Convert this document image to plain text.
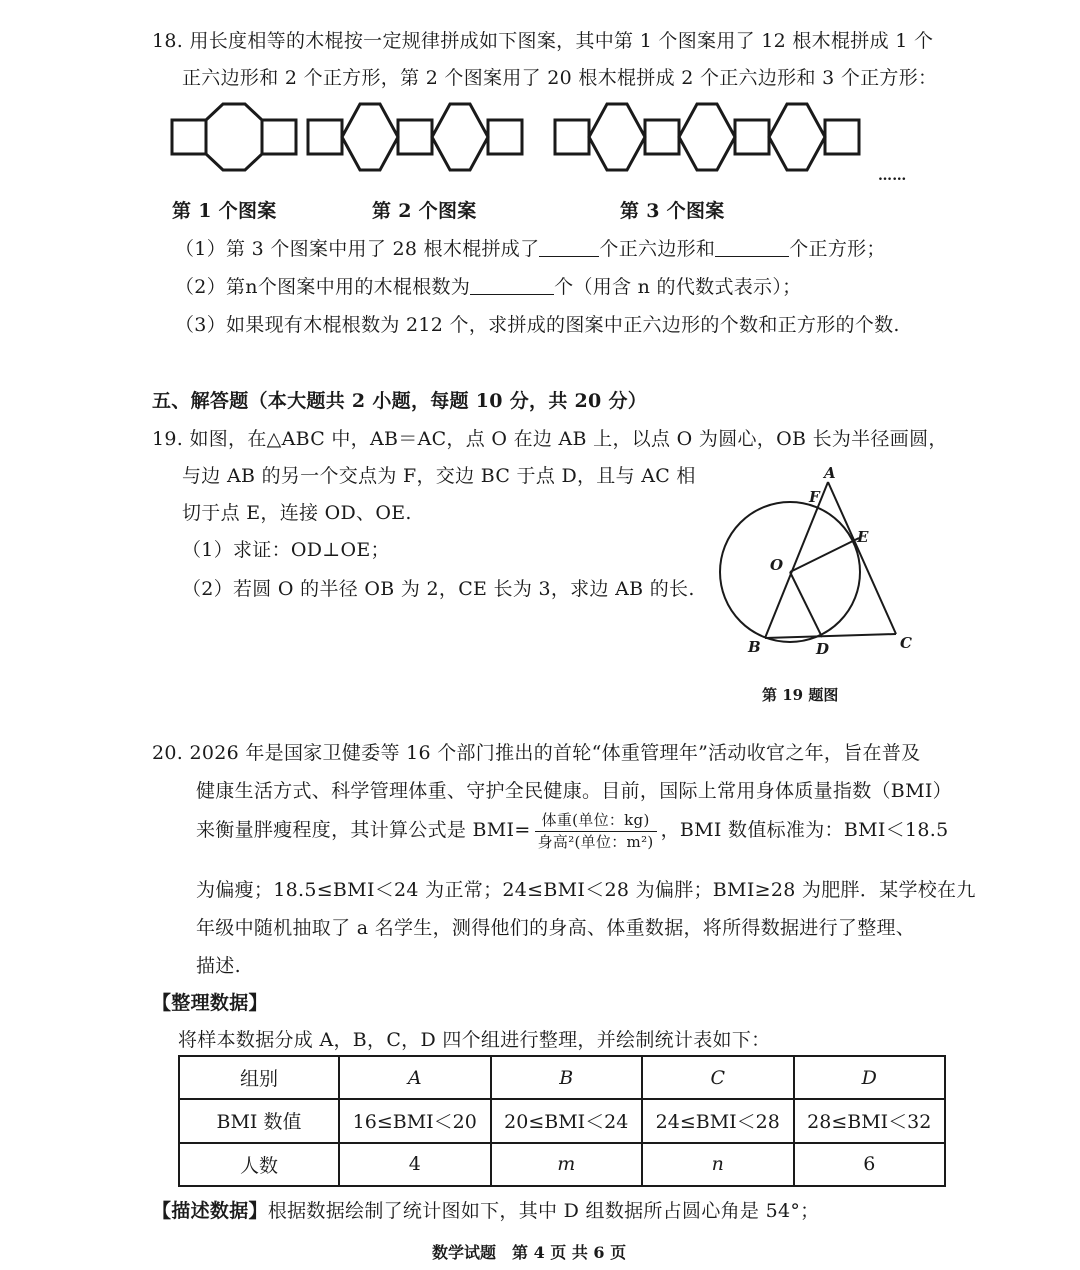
18. 用长度相等的木棍按一定规律拼成如下图案，其中第 1 个图案用了 12 根木棍拼成 1 个
正六边形和 2 个正方形，第 2 个图案用了 20 根木棍拼成 2 个正六边形和 3 个正方形：
……
第 1 个图案	第 2 个图案	第 3 个图案
（1）第 3 个图案中用了 28 根木棍拼成了	个正六边形和	个正方形；
（2）第n个图案中用的木棍根数为	个（用含 n 的代数式表示）；
（3）如果现有木棍根数为 212 个，求拼成的图案中正六边形的个数和正方形的个数.
五、解答题（本大题共 2 小题，每题 10 分，共 20 分）
19. 如图，在△ABC 中，AB＝AC，点 O 在边 AB 上，以点 O 为圆心，OB 长为半径画圆，
与边 AB 的另一个交点为 F，交边 BC 于点 D，且与 AC 相
切于点 E，连接 OD、OE.
（1）求证：OD⊥OE；
（2）若圆 O 的半径 OB 为 2，CE 长为 3，求边 AB 的长.
A
F
E
O
B	D	C
第 19 题图
20. 2026 年是国家卫健委等 16 个部门推出的首轮“体重管理年”活动收官之年，旨在普及
健康生活方式、科学管理体重、守护全民健康。目前，国际上常用身体质量指数（BMI）
来衡量胖瘦程度，其计算公式是 $BMI= \frac{\text{体重(单位：kg)}}{\text{身高²(单位：m²)}}$ ，BMI 数值标准为：BMI＜18.5
为偏瘦；18.5≤BMI＜24 为正常；24≤BMI＜28 为偏胖；BMI≥28 为肥胖．某学校在九
年级中随机抽取了 a 名学生，测得他们的身高、体重数据，将所得数据进行了整理、
描述.
【整理数据】
将样本数据分成 A，B，C，D 四个组进行整理，并绘制统计表如下：
组别	A	B	C	D
BMI 数值	16≤BMI＜20	20≤BMI＜24	24≤BMI＜28	28≤BMI＜32
人数	4	m	n	6
【描述数据】根据数据绘制了统计图如下，其中 D 组数据所占圆心角是 54°；
数学试题　第 4 页 共 6 页
